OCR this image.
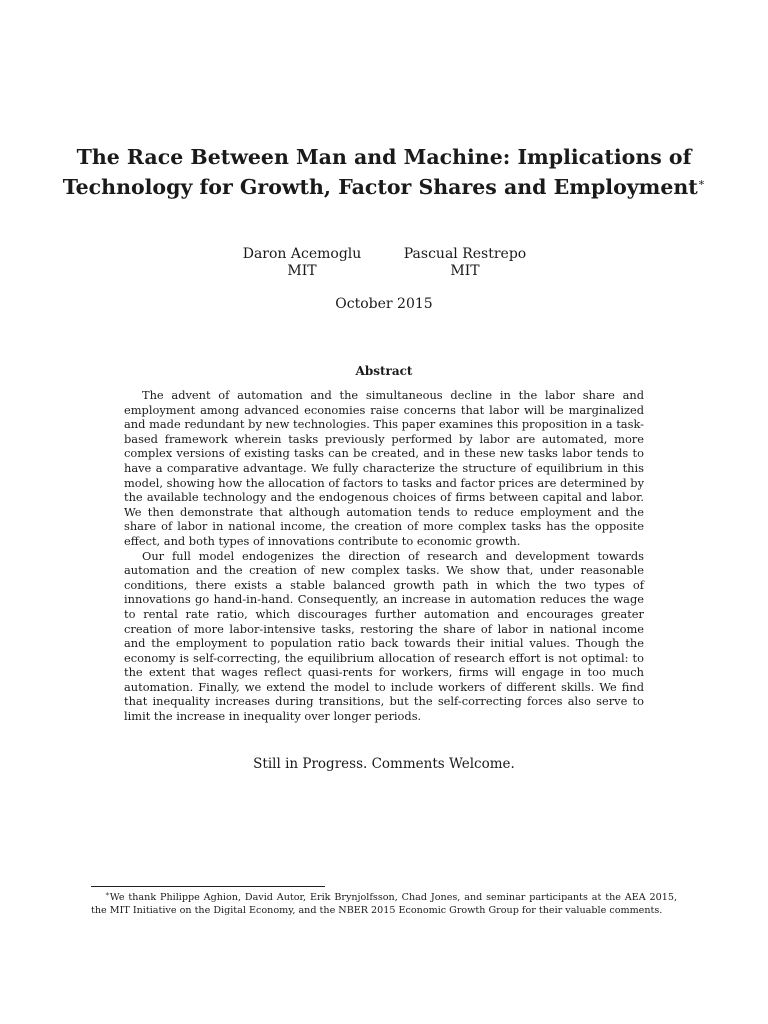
The Race Between Man and Machine: Implications of Technology for Growth, Factor Shares and Employment∗
Daron Acemoglu
MIT
Pascual Restrepo
MIT
October 2015
Abstract

The advent of automation and the simultaneous decline in the labor share and employment among advanced economies raise concerns that labor will be marginalized and made redundant by new technologies. This paper examines this proposition in a task-based framework wherein tasks previously performed by labor are automated, more complex versions of existing tasks can be created, and in these new tasks labor tends to have a comparative advantage. We fully characterize the structure of equilibrium in this model, showing how the allocation of factors to tasks and factor prices are determined by the available technology and the endogenous choices of firms between capital and labor. We then demonstrate that although automation tends to reduce employment and the share of labor in national income, the creation of more complex tasks has the opposite effect, and both types of innovations contribute to economic growth.

Our full model endogenizes the direction of research and development towards automation and the creation of new complex tasks. We show that, under reasonable conditions, there exists a stable balanced growth path in which the two types of innovations go hand-in-hand. Consequently, an increase in automation reduces the wage to rental rate ratio, which discourages further automation and encourages greater creation of more labor-intensive tasks, restoring the share of labor in national income and the employment to population ratio back towards their initial values. Though the economy is self-correcting, the equilibrium allocation of research effort is not optimal: to the extent that wages reflect quasi-rents for workers, firms will engage in too much automation. Finally, we extend the model to include workers of different skills. We find that inequality increases during transitions, but the self-correcting forces also serve to limit the increase in inequality over longer periods.

Still in Progress. Comments Welcome.
∗We thank Philippe Aghion, David Autor, Erik Brynjolfsson, Chad Jones, and seminar participants at the AEA 2015, the MIT Initiative on the Digital Economy, and the NBER 2015 Economic Growth Group for their valuable comments.
